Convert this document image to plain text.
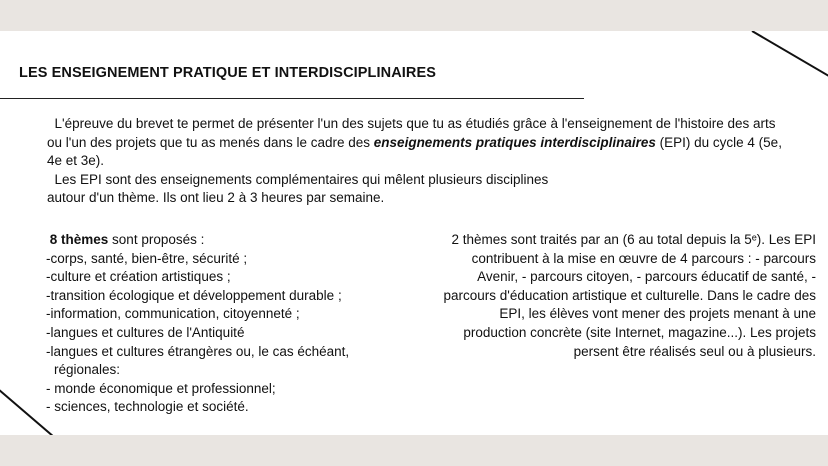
LES ENSEIGNEMENT PRATIQUE ET INTERDISCIPLINAIRES

L'épreuve du brevet te permet de présenter l'un des sujets que tu as étudiés grâce à l'enseignement de l'histoire des arts ou l'un des projets que tu as menés dans le cadre des enseignements pratiques interdisciplinaires (EPI) du cycle 4 (5e, 4e et 3e).

Les EPI sont des enseignements complémentaires qui mêlent plusieurs disciplines
autour d'un thème. Ils ont lieu 2 à 3 heures par semaine.

8 thèmes sont proposés :
-corps, santé, bien-être, sécurité ;
-culture et création artistiques ;
-transition écologique et développement durable ;
-information, communication, citoyenneté ;
-langues et cultures de l'Antiquité
-langues et cultures étrangères ou, le cas échéant,
régionales:
- monde économique et professionnel;
- sciences, technologie et société.

2 thèmes sont traités par an (6 au total depuis la 5ᵉ). Les EPI contribuent à la mise en œuvre de 4 parcours : - parcours Avenir, - parcours citoyen, - parcours éducatif de santé, - parcours d'éducation artistique et culturelle. Dans le cadre des EPI, les élèves vont mener des projets menant à une production concrète (site Internet, magazine...). Les projets persent être réalisés seul ou à plusieurs.
